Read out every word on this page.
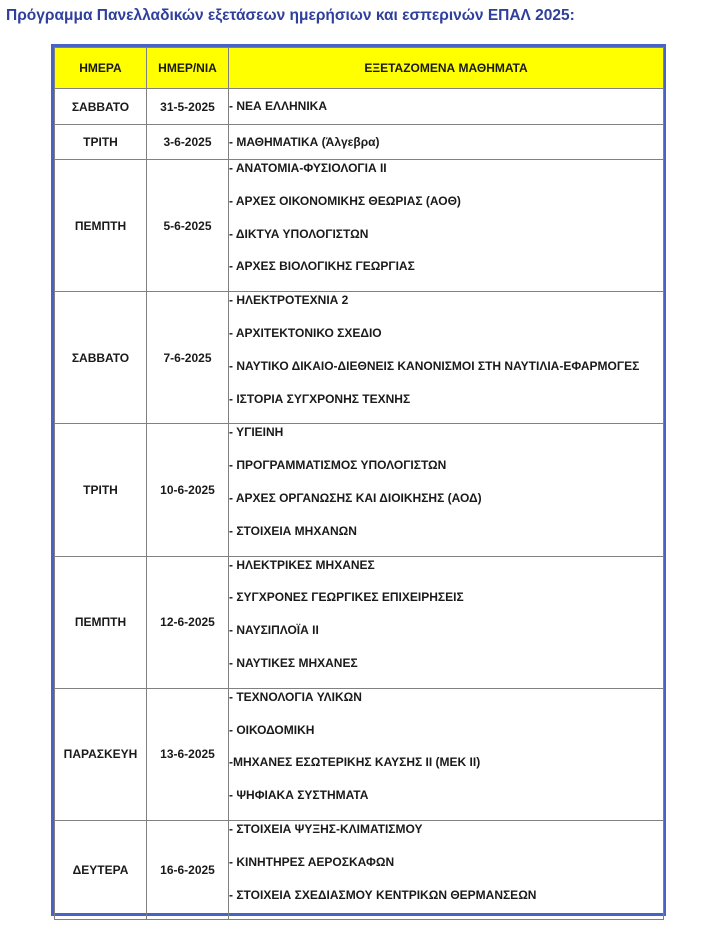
Πρόγραμμα Πανελλαδικών εξετάσεων ημερήσιων και εσπερινών ΕΠΑΛ 2025:
ΗΜΕΡΑ	ΗΜΕΡ/ΝΙΑ	ΕΞΕΤΑΖΟΜΕΝΑ ΜΑΘΗΜΑΤΑ
ΣΑΒΒΑΤΟ	31-5-2025	- ΝΕΑ ΕΛΛΗΝΙΚΑ

ΤΡΙΤΗ	3-6-2025	- ΜΑΘΗΜΑΤΙΚΑ (Άλγεβρα)

ΠΕΜΠΤΗ	5-6-2025	- ΑΝΑΤΟΜΙΑ-ΦΥΣΙΟΛΟΓΙΑ ΙΙ
- ΑΡΧΕΣ ΟΙΚΟΝΟΜΙΚΗΣ ΘΕΩΡΙΑΣ (ΑΟΘ)
- ΔΙΚΤΥΑ ΥΠΟΛΟΓΙΣΤΩΝ
- ΑΡΧΕΣ ΒΙΟΛΟΓΙΚΗΣ ΓΕΩΡΓΙΑΣ

ΣΑΒΒΑΤΟ	7-6-2025	- ΗΛΕΚΤΡΟΤΕΧΝΙΑ 2
- ΑΡΧΙΤΕΚΤΟΝΙΚΟ ΣΧΕΔΙΟ
- ΝΑΥΤΙΚΟ ΔΙΚΑΙΟ-ΔΙΕΘΝΕΙΣ ΚΑΝΟΝΙΣΜΟΙ ΣΤΗ ΝΑΥΤΙΛΙΑ-ΕΦΑΡΜΟΓΕΣ
- ΙΣΤΟΡΙΑ ΣΥΓΧΡΟΝΗΣ ΤΕΧΝΗΣ

ΤΡΙΤΗ	10-6-2025	- ΥΓΙΕΙΝΗ
- ΠΡΟΓΡΑΜΜΑΤΙΣΜΟΣ ΥΠΟΛΟΓΙΣΤΩΝ
- ΑΡΧΕΣ ΟΡΓΑΝΩΣΗΣ ΚΑΙ ΔΙΟΙΚΗΣΗΣ (ΑΟΔ)
- ΣΤΟΙΧΕΙΑ ΜΗΧΑΝΩΝ

ΠΕΜΠΤΗ	12-6-2025	- ΗΛΕΚΤΡΙΚΕΣ ΜΗΧΑΝΕΣ
- ΣΥΓΧΡΟΝΕΣ ΓΕΩΡΓΙΚΕΣ ΕΠΙΧΕΙΡΗΣΕΙΣ
- ΝΑΥΣΙΠΛΟΪΑ ΙΙ
- ΝΑΥΤΙΚΕΣ ΜΗΧΑΝΕΣ

ΠΑΡΑΣΚΕΥΗ	13-6-2025	- ΤΕΧΝΟΛΟΓΙΑ ΥΛΙΚΩΝ
- ΟΙΚΟΔΟΜΙΚΗ
-ΜΗΧΑΝΕΣ ΕΣΩΤΕΡΙΚΗΣ ΚΑΥΣΗΣ ΙΙ (ΜΕΚ ΙΙ)
- ΨΗΦΙΑΚΑ ΣΥΣΤΗΜΑΤΑ

ΔΕΥΤΕΡΑ	16-6-2025	- ΣΤΟΙΧΕΙΑ ΨΥΞΗΣ-ΚΛΙΜΑΤΙΣΜΟΥ
- ΚΙΝΗΤΗΡΕΣ ΑΕΡΟΣΚΑΦΩΝ
- ΣΤΟΙΧΕΙΑ ΣΧΕΔΙΑΣΜΟΥ ΚΕΝΤΡΙΚΩΝ ΘΕΡΜΑΝΣΕΩΝ
